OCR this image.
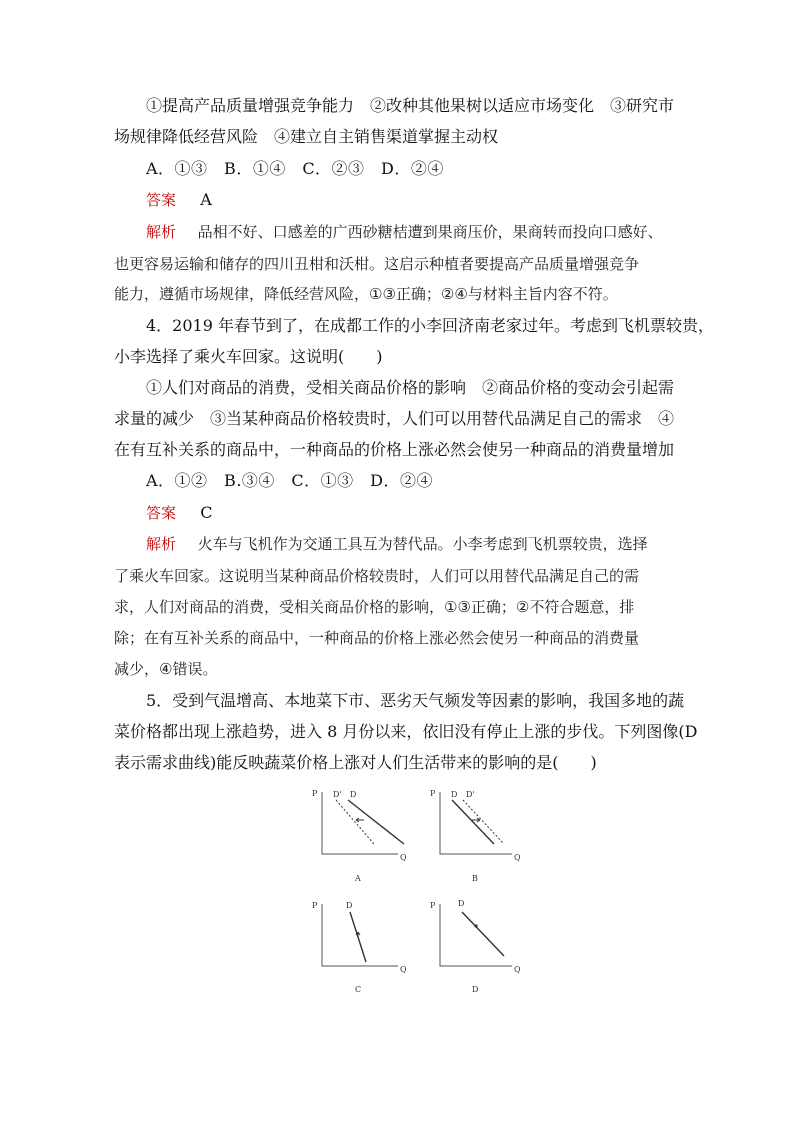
①提高产品质量增强竞争能力　②改种其他果树以适应市场变化　③研究市
场规律降低经营风险　④建立自主销售渠道掌握主动权
A．①③　B．①④　C．②③　D．②④
答案 A
解析 品相不好、口感差的广西砂糖桔遭到果商压价，果商转而投向口感好、
也更容易运输和储存的四川丑柑和沃柑。这启示种植者要提高产品质量增强竞争
能力，遵循市场规律，降低经营风险，①③正确；②④与材料主旨内容不符。
4．2019 年春节到了，在成都工作的小李回济南老家过年。考虑到飞机票较贵，
小李选择了乘火车回家。这说明(　　)
①人们对商品的消费，受相关商品价格的影响　②商品价格的变动会引起需
求量的减少　③当某种商品价格较贵时，人们可以用替代品满足自己的需求　④
在有互补关系的商品中，一种商品的价格上涨必然会使另一种商品的消费量增加
A．①②　B.③④　C．①③　D．②④
答案 C
解析 火车与飞机作为交通工具互为替代品。小李考虑到飞机票较贵，选择
了乘火车回家。这说明当某种商品价格较贵时，人们可以用替代品满足自己的需
求，人们对商品的消费，受相关商品价格的影响，①③正确；②不符合题意，排
除；在有互补关系的商品中，一种商品的价格上涨必然会使另一种商品的消费量
减少，④错误。
5．受到气温增高、本地菜下市、恶劣天气频发等因素的影响，我国多地的蔬
菜价格都出现上涨趋势，进入 8 月份以来，依旧没有停止上涨的步伐。下列图像(D
表示需求曲线)能反映蔬菜价格上涨对人们生活带来的影响的是(　　)
P
Q
D' D
A
P
Q
D D'
B
P
Q
D
C
P
Q
D
D
